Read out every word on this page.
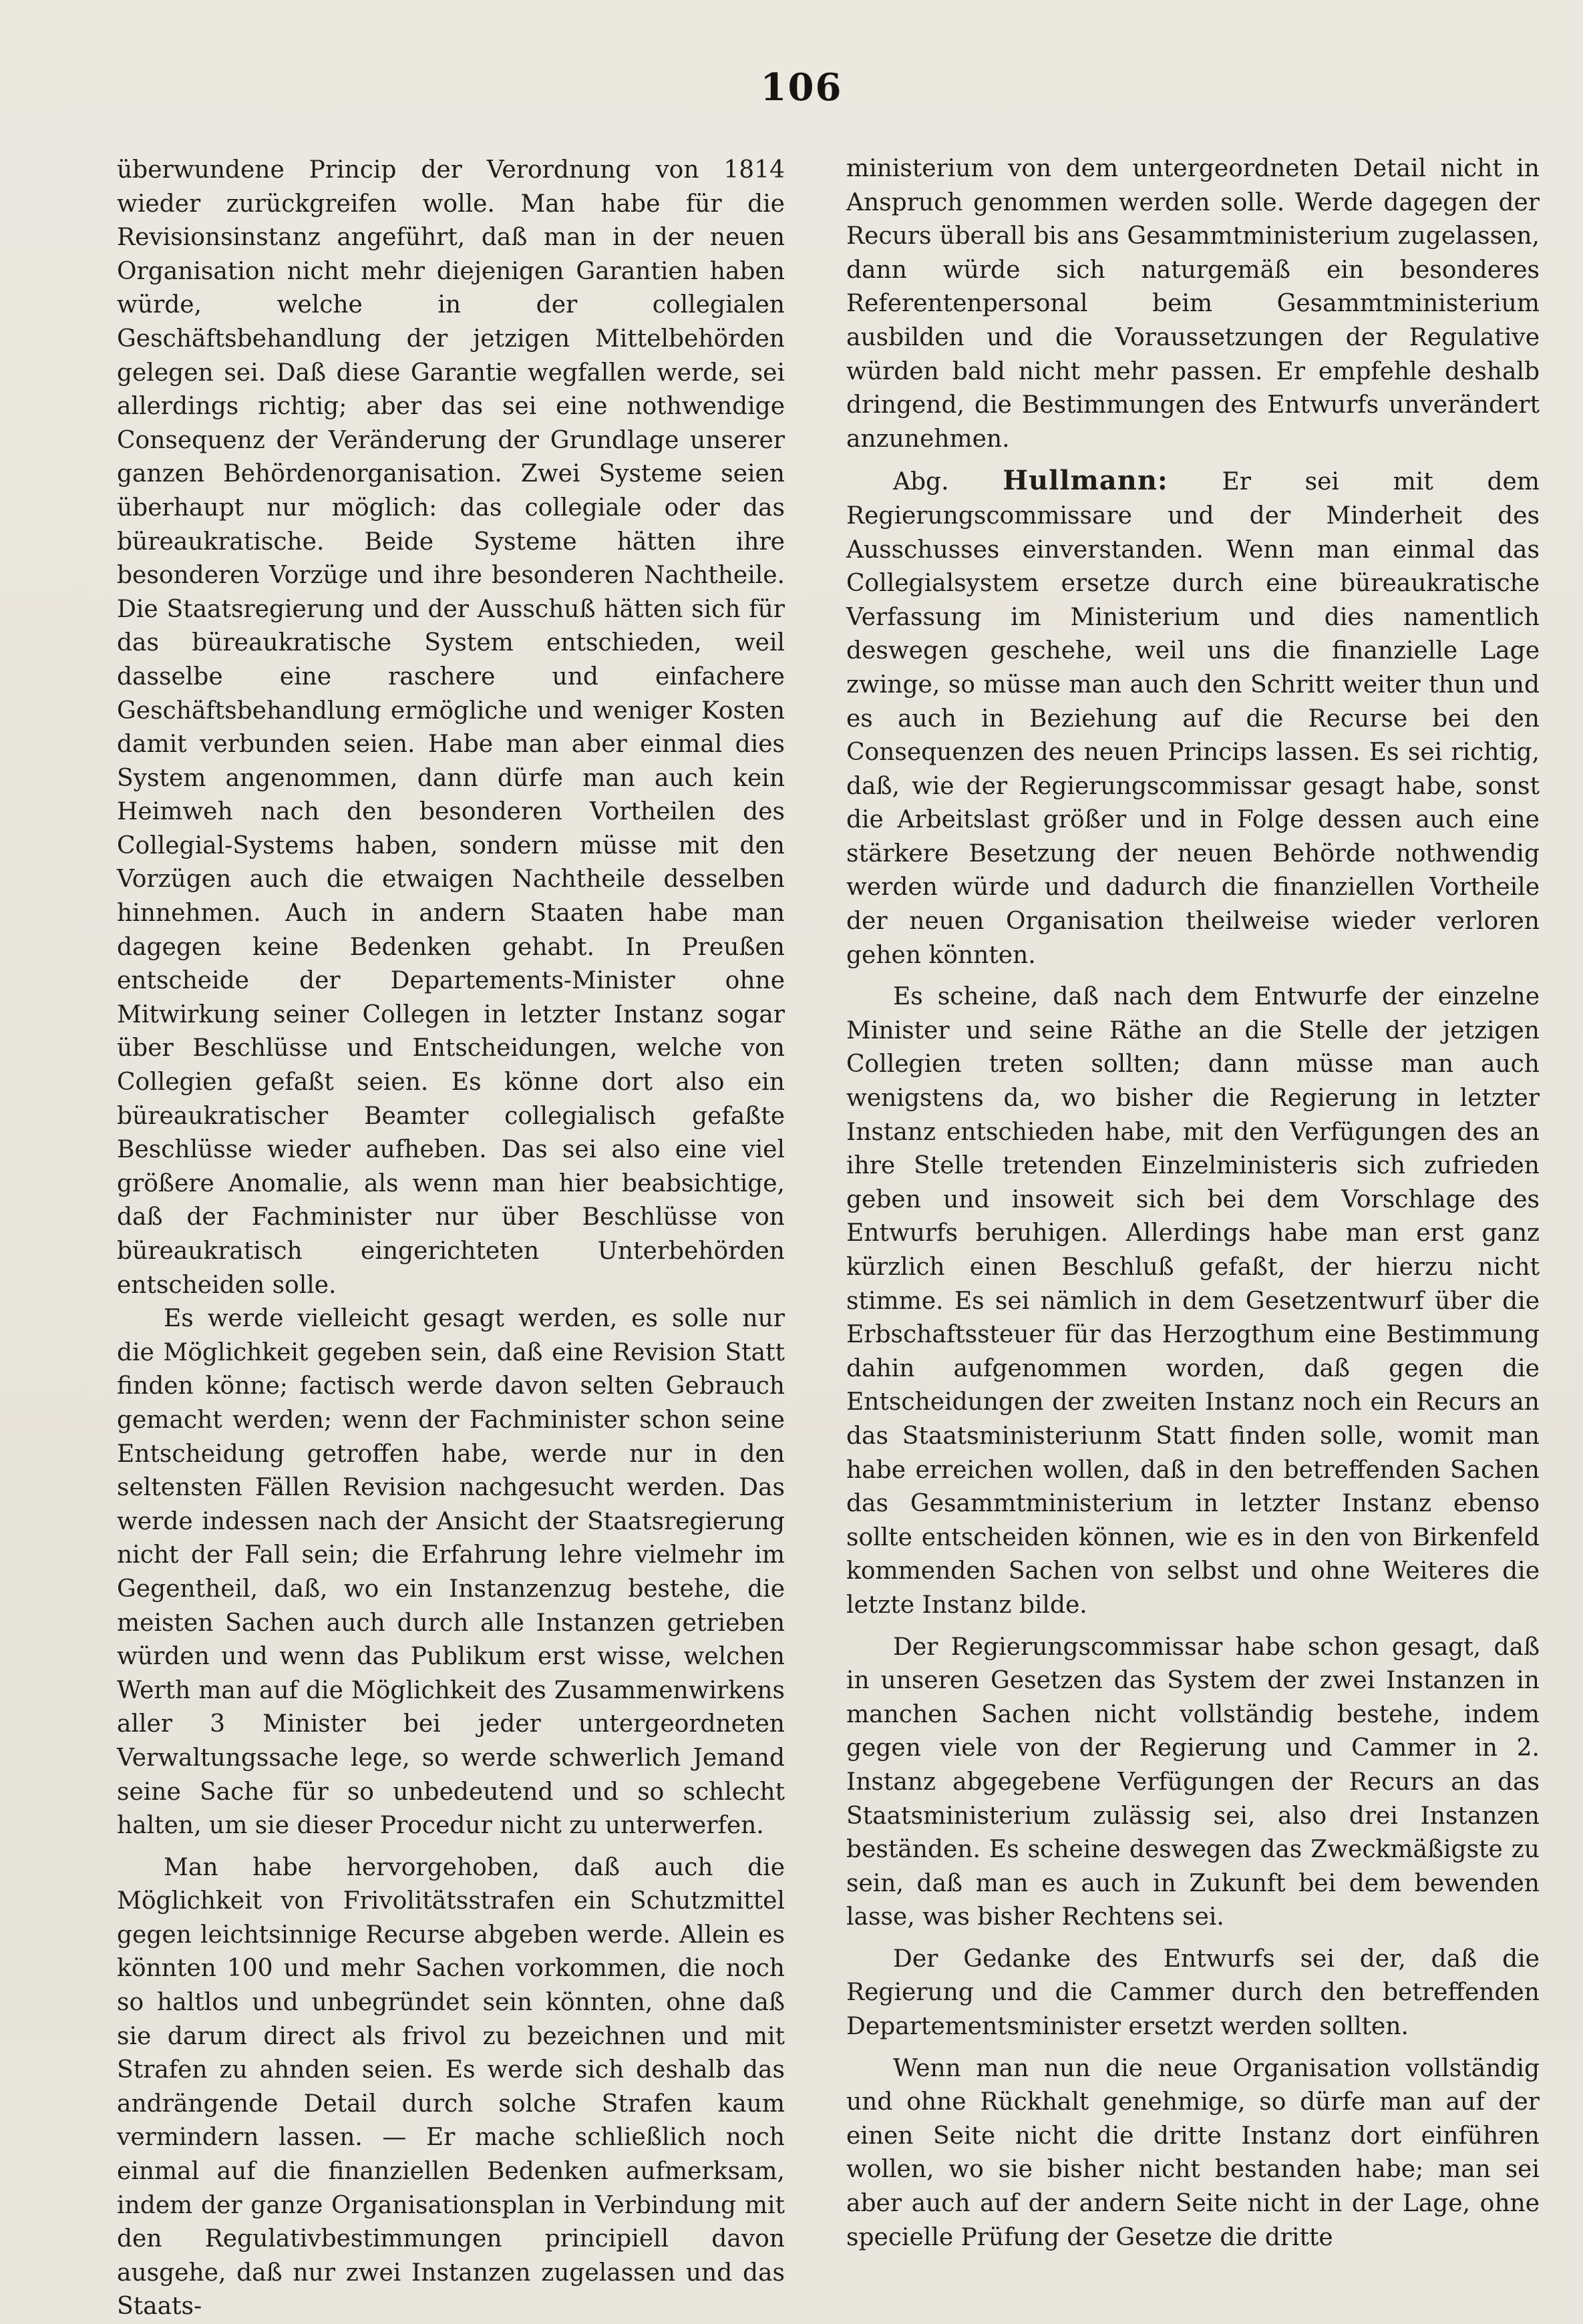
106

überwundene Princip der Verordnung von 1814 wieder zurückgreifen wolle. Man habe für die Revisionsinstanz angeführt, daß man in der neuen Organisation nicht mehr diejenigen Garantien haben würde, welche in der collegialen Geschäftsbehandlung der jetzigen Mittelbehörden gelegen sei. Daß diese Garantie wegfallen werde, sei allerdings richtig; aber das sei eine nothwendige Consequenz der Veränderung der Grundlage unserer ganzen Behördenorganisation. Zwei Systeme seien überhaupt nur möglich: das collegiale oder das büreaukratische. Beide Systeme hätten ihre besonderen Vorzüge und ihre besonderen Nachtheile. Die Staatsregierung und der Ausschuß hätten sich für das büreaukratische System entschieden, weil dasselbe eine raschere und einfachere Geschäftsbehandlung ermögliche und weniger Kosten damit verbunden seien. Habe man aber einmal dies System angenommen, dann dürfe man auch kein Heimweh nach den besonderen Vortheilen des Collegial-Systems haben, sondern müsse mit den Vorzügen auch die etwaigen Nachtheile desselben hinnehmen. Auch in andern Staaten habe man dagegen keine Bedenken gehabt. In Preußen entscheide der Departements-Minister ohne Mitwirkung seiner Collegen in letzter Instanz sogar über Beschlüsse und Entscheidungen, welche von Collegien gefaßt seien. Es könne dort also ein büreaukratischer Beamter collegialisch gefaßte Beschlüsse wieder aufheben. Das sei also eine viel größere Anomalie, als wenn man hier beabsichtige, daß der Fachminister nur über Beschlüsse von büreaukratisch eingerichteten Unterbehörden entscheiden solle.

Es werde vielleicht gesagt werden, es solle nur die Möglichkeit gegeben sein, daß eine Revision Statt finden könne; factisch werde davon selten Gebrauch gemacht werden; wenn der Fachminister schon seine Entscheidung getroffen habe, werde nur in den seltensten Fällen Revision nachgesucht werden. Das werde indessen nach der Ansicht der Staatsregierung nicht der Fall sein; die Erfahrung lehre vielmehr im Gegentheil, daß, wo ein Instanzenzug bestehe, die meisten Sachen auch durch alle Instanzen getrieben würden und wenn das Publikum erst wisse, welchen Werth man auf die Möglichkeit des Zusammenwirkens aller 3 Minister bei jeder untergeordneten Verwaltungssache lege, so werde schwerlich Jemand seine Sache für so unbedeutend und so schlecht halten, um sie dieser Procedur nicht zu unterwerfen.

Man habe hervorgehoben, daß auch die Möglichkeit von Frivolitätsstrafen ein Schutzmittel gegen leichtsinnige Recurse abgeben werde. Allein es könnten 100 und mehr Sachen vorkommen, die noch so haltlos und unbegründet sein könnten, ohne daß sie darum direct als frivol zu bezeichnen und mit Strafen zu ahnden seien. Es werde sich deshalb das andrängende Detail durch solche Strafen kaum vermindern lassen. — Er mache schließlich noch einmal auf die finanziellen Bedenken aufmerksam, indem der ganze Organisationsplan in Verbindung mit den Regulativbestimmungen principiell davon ausgehe, daß nur zwei Instanzen zugelassen und das Staats-

ministerium von dem untergeordneten Detail nicht in Anspruch genommen werden solle. Werde dagegen der Recurs überall bis ans Gesammtministerium zugelassen, dann würde sich naturgemäß ein besonderes Referentenpersonal beim Gesammtministerium ausbilden und die Voraussetzungen der Regulative würden bald nicht mehr passen. Er empfehle deshalb dringend, die Bestimmungen des Entwurfs unverändert anzunehmen.

Abg. Hullmann: Er sei mit dem Regierungscommissare und der Minderheit des Ausschusses einverstanden. Wenn man einmal das Collegialsystem ersetze durch eine büreaukratische Verfassung im Ministerium und dies namentlich deswegen geschehe, weil uns die finanzielle Lage zwinge, so müsse man auch den Schritt weiter thun und es auch in Beziehung auf die Recurse bei den Consequenzen des neuen Princips lassen. Es sei richtig, daß, wie der Regierungscommissar gesagt habe, sonst die Arbeitslast größer und in Folge dessen auch eine stärkere Besetzung der neuen Behörde nothwendig werden würde und dadurch die finanziellen Vortheile der neuen Organisation theilweise wieder verloren gehen könnten.

Es scheine, daß nach dem Entwurfe der einzelne Minister und seine Räthe an die Stelle der jetzigen Collegien treten sollten; dann müsse man auch wenigstens da, wo bisher die Regierung in letzter Instanz entschieden habe, mit den Verfügungen des an ihre Stelle tretenden Einzelministeris sich zufrieden geben und insoweit sich bei dem Vorschlage des Entwurfs beruhigen. Allerdings habe man erst ganz kürzlich einen Beschluß gefaßt, der hierzu nicht stimme. Es sei nämlich in dem Gesetzentwurf über die Erbschaftssteuer für das Herzogthum eine Bestimmung dahin aufgenommen worden, daß gegen die Entscheidungen der zweiten Instanz noch ein Recurs an das Staatsministeriunm Statt finden solle, womit man habe erreichen wollen, daß in den betreffenden Sachen das Gesammtministerium in letzter Instanz ebenso sollte entscheiden können, wie es in den von Birkenfeld kommenden Sachen von selbst und ohne Weiteres die letzte Instanz bilde.

Der Regierungscommissar habe schon gesagt, daß in unseren Gesetzen das System der zwei Instanzen in manchen Sachen nicht vollständig bestehe, indem gegen viele von der Regierung und Cammer in 2. Instanz abgegebene Verfügungen der Recurs an das Staatsministerium zulässig sei, also drei Instanzen beständen. Es scheine deswegen das Zweckmäßigste zu sein, daß man es auch in Zukunft bei dem bewenden lasse, was bisher Rechtens sei.

Der Gedanke des Entwurfs sei der, daß die Regierung und die Cammer durch den betreffenden Departementsminister ersetzt werden sollten.

Wenn man nun die neue Organisation vollständig und ohne Rückhalt genehmige, so dürfe man auf der einen Seite nicht die dritte Instanz dort einführen wollen, wo sie bisher nicht bestanden habe; man sei aber auch auf der andern Seite nicht in der Lage, ohne specielle Prüfung der Gesetze die dritte
